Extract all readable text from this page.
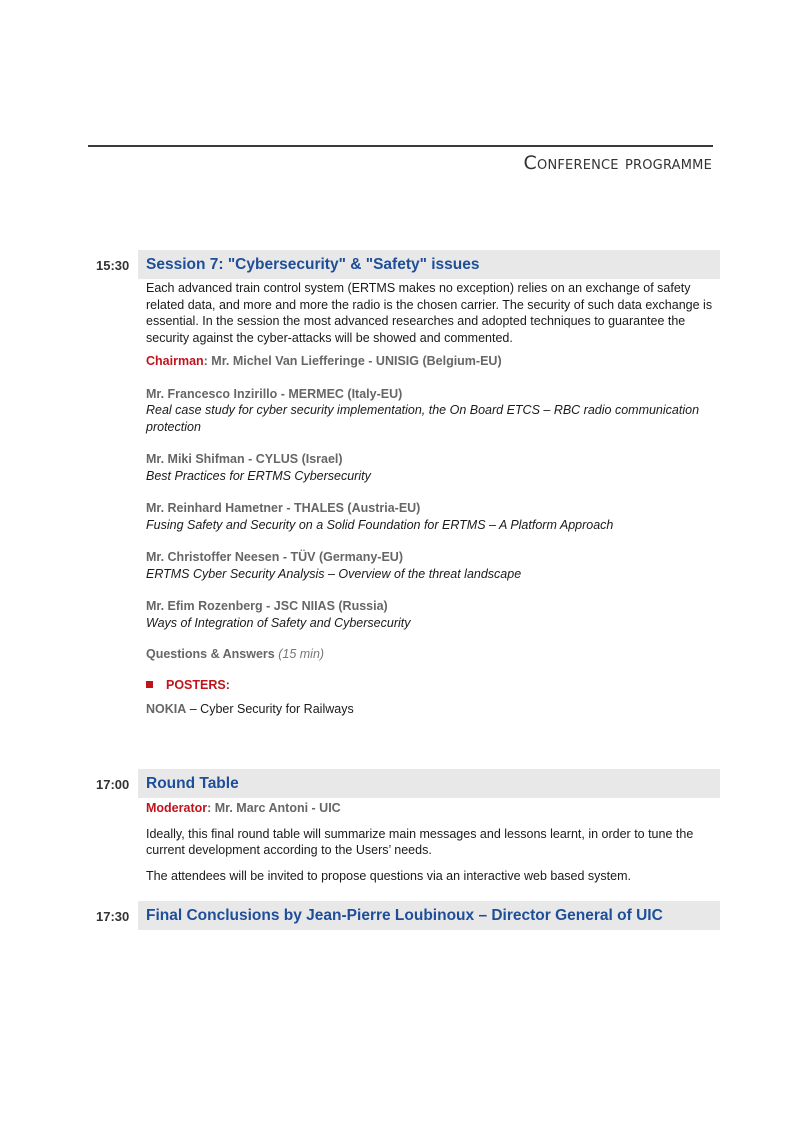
Conference programme
15:30	Session 7: "Cybersecurity" & "Safety" issues

Each advanced train control system (ERTMS makes no exception) relies on an exchange of safety related data, and more and more the radio is the chosen carrier. The security of such data exchange is essential. In the session the most advanced researches and adopted techniques to guarantee the security against the cyber-attacks will be showed and commented.

Chairman: Mr. Michel Van Liefferinge - UNISIG (Belgium-EU)

Mr. Francesco Inzirillo - MERMEC (Italy-EU)
Real case study for cyber security implementation, the On Board ETCS – RBC radio communication protection

Mr. Miki Shifman - CYLUS (Israel)
Best Practices for ERTMS Cybersecurity

Mr. Reinhard Hametner - THALES (Austria-EU)
Fusing Safety and Security on a Solid Foundation for ERTMS – A Platform Approach

Mr. Christoffer Neesen - TÜV (Germany-EU)
ERTMS Cyber Security Analysis – Overview of the threat landscape

Mr. Efim Rozenberg - JSC NIIAS (Russia)
Ways of Integration of Safety and Cybersecurity

Questions & Answers (15 min)

POSTERS:

NOKIA – Cyber Security for Railways

17:00	Round Table

Moderator: Mr. Marc Antoni - UIC

Ideally, this final round table will summarize main messages and lessons learnt, in order to tune the current development according to the Users’ needs.

The attendees will be invited to propose questions via an interactive web based system.

17:30	Final Conclusions by Jean-Pierre Loubinoux – Director General of UIC
